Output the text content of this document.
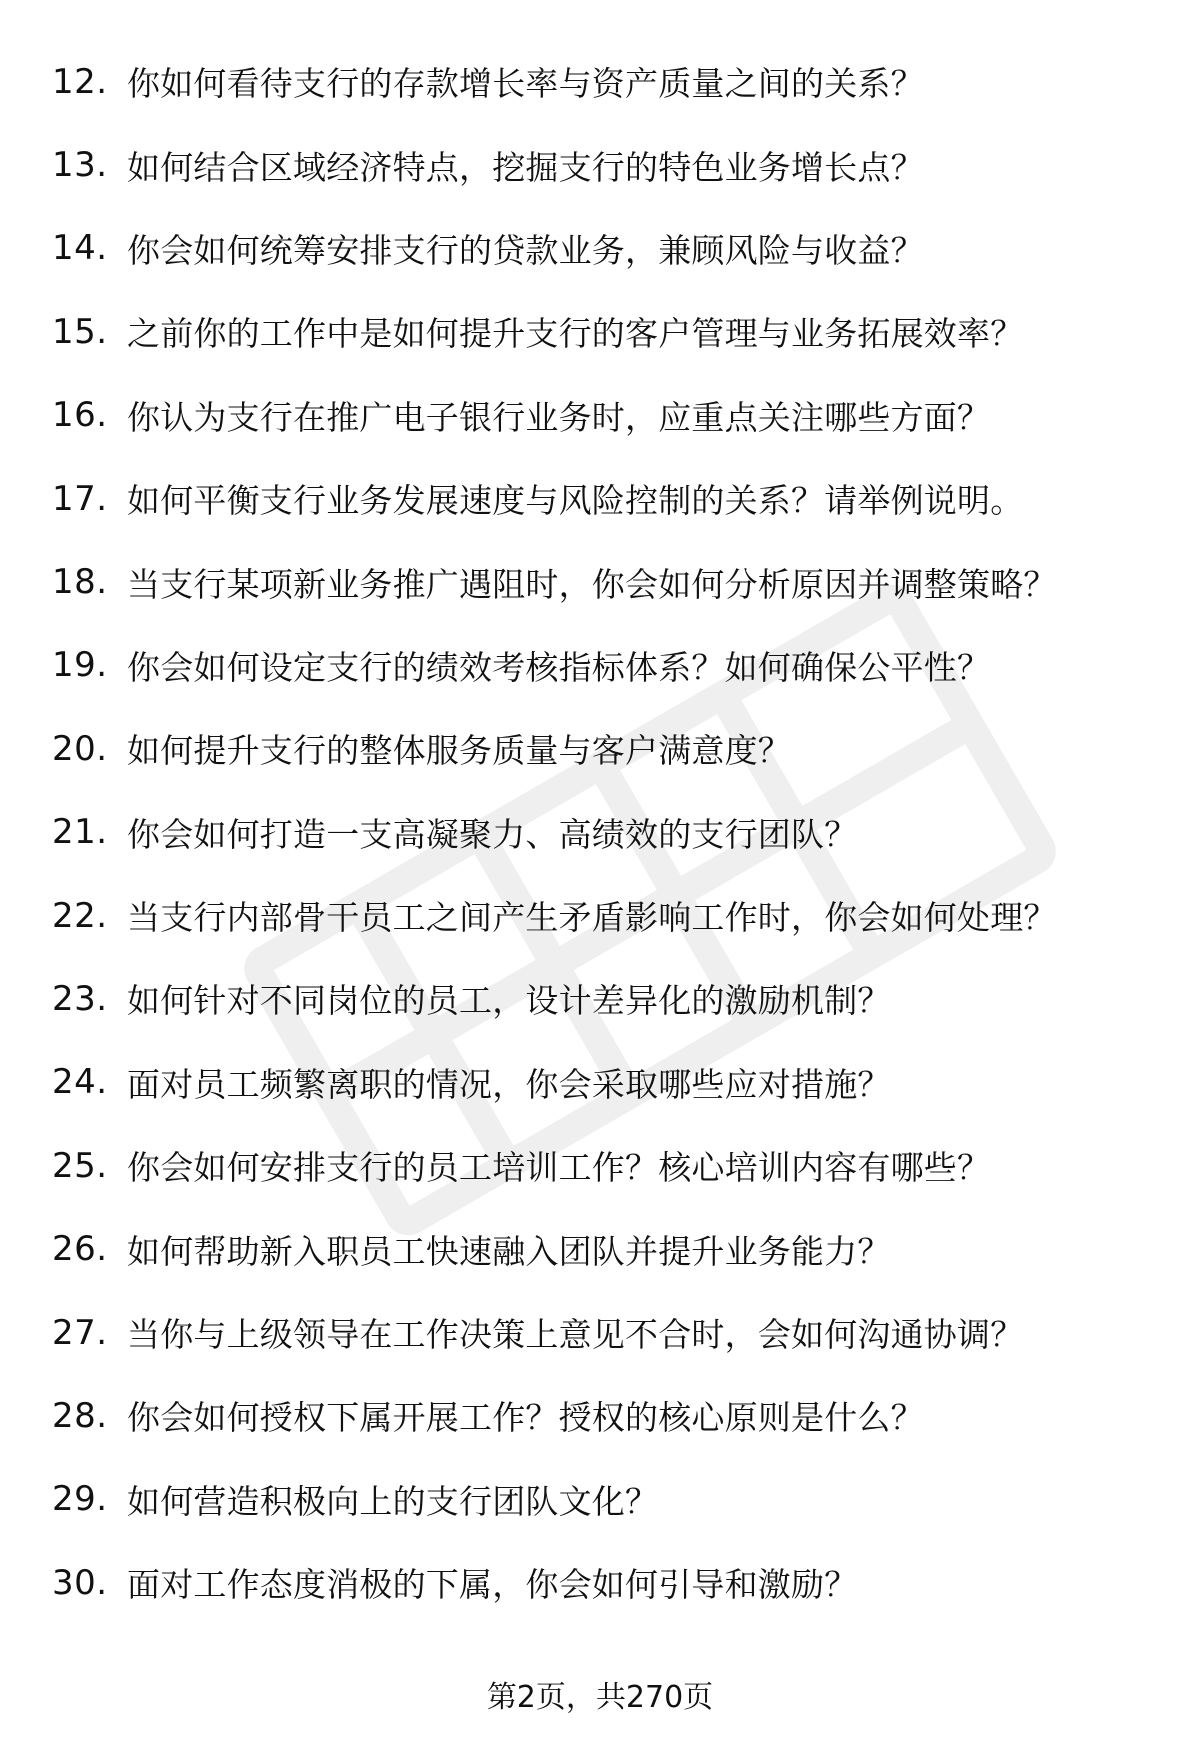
12. 你如何看待支行的存款增长率与资产质量之间的关系？
13. 如何结合区域经济特点，挖掘支行的特色业务增长点？
14. 你会如何统筹安排支行的贷款业务，兼顾风险与收益？
15. 之前你的工作中是如何提升支行的客户管理与业务拓展效率？
16. 你认为支行在推广电子银行业务时，应重点关注哪些方面？
17. 如何平衡支行业务发展速度与风险控制的关系？请举例说明。
18. 当支行某项新业务推广遇阻时，你会如何分析原因并调整策略？
19. 你会如何设定支行的绩效考核指标体系？如何确保公平性？
20. 如何提升支行的整体服务质量与客户满意度？
21. 你会如何打造一支高凝聚力、高绩效的支行团队？
22. 当支行内部骨干员工之间产生矛盾影响工作时，你会如何处理？
23. 如何针对不同岗位的员工，设计差异化的激励机制？
24. 面对员工频繁离职的情况，你会采取哪些应对措施？
25. 你会如何安排支行的员工培训工作？核心培训内容有哪些？
26. 如何帮助新入职员工快速融入团队并提升业务能力？
27. 当你与上级领导在工作决策上意见不合时，会如何沟通协调？
28. 你会如何授权下属开展工作？授权的核心原则是什么？
29. 如何营造积极向上的支行团队文化？
30. 面对工作态度消极的下属，你会如何引导和激励？
第2页，共270页
